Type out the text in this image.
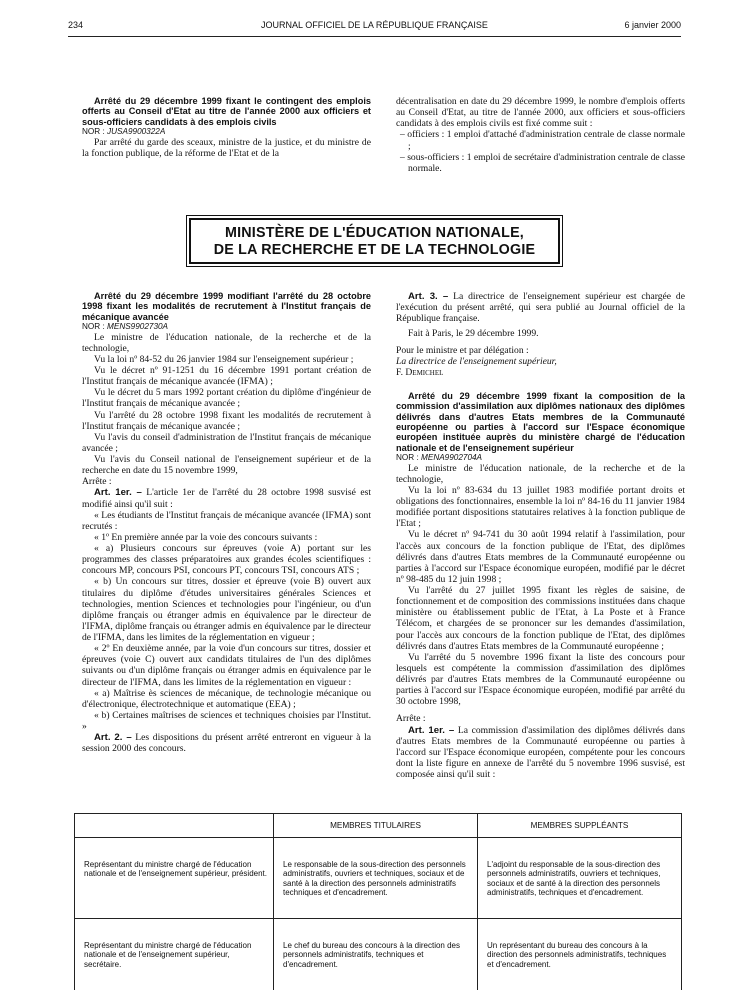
234	JOURNAL OFFICIEL DE LA RÉPUBLIQUE FRANÇAISE	6 janvier 2000

Arrêté du 29 décembre 1999 fixant le contingent des emplois offerts au Conseil d'Etat au titre de l'année 2000 aux officiers et sous-officiers candidats à des emplois civils

NOR : JUSA9900322A

Par arrêté du garde des sceaux, ministre de la justice, et du ministre de la fonction publique, de la réforme de l'Etat et de la

décentralisation en date du 29 décembre 1999, le nombre d'emplois offerts au Conseil d'Etat, au titre de l'année 2000, aux officiers et sous-officiers candidats à des emplois civils est fixé comme suit :

– officiers : 1 emploi d'attaché d'administration centrale de classe normale ;

– sous-officiers : 1 emploi de secrétaire d'administration centrale de classe normale.

MINISTÈRE DE L'ÉDUCATION NATIONALE,
DE LA RECHERCHE ET DE LA TECHNOLOGIE

Arrêté du 29 décembre 1999 modifiant l'arrêté du 28 octobre 1998 fixant les modalités de recrutement à l'Institut français de mécanique avancée

NOR : MENS9902730A

Le ministre de l'éducation nationale, de la recherche et de la technologie,

Vu la loi nº 84-52 du 26 janvier 1984 sur l'enseignement supérieur ;

Vu le décret nº 91-1251 du 16 décembre 1991 portant création de l'Institut français de mécanique avancée (IFMA) ;

Vu le décret du 5 mars 1992 portant création du diplôme d'ingénieur de l'Institut français de mécanique avancée ;

Vu l'arrêté du 28 octobre 1998 fixant les modalités de recrutement à l'Institut français de mécanique avancée ;

Vu l'avis du conseil d'administration de l'Institut français de mécanique avancée ;

Vu l'avis du Conseil national de l'enseignement supérieur et de la recherche en date du 15 novembre 1999,

Arrête :

Art. 1er. – L'article 1er de l'arrêté du 28 octobre 1998 susvisé est modifié ainsi qu'il suit :

« Les étudiants de l'Institut français de mécanique avancée (IFMA) sont recrutés :

« 1º En première année par la voie des concours suivants :

« a) Plusieurs concours sur épreuves (voie A) portant sur les programmes des classes préparatoires aux grandes écoles scientifiques : concours MP, concours PSI, concours PT, concours TSI, concours ATS ;

« b) Un concours sur titres, dossier et épreuve (voie B) ouvert aux titulaires du diplôme d'études universitaires générales Sciences et technologies, mention Sciences et technologies pour l'ingénieur, ou d'un diplôme français ou étranger admis en équivalence par le directeur de l'IFMA, diplôme français ou étranger admis en équivalence par le directeur de l'IFMA, dans les limites de la réglementation en vigueur ;

« 2º En deuxième année, par la voie d'un concours sur titres, dossier et épreuves (voie C) ouvert aux candidats titulaires de l'un des diplômes suivants ou d'un diplôme français ou étranger admis en équivalence par le directeur de l'IFMA, dans les limites de la réglementation en vigueur :

« a) Maîtrise ès sciences de mécanique, de technologie mécanique ou d'électronique, électrotechnique et automatique (EEA) ;

« b) Certaines maîtrises de sciences et techniques choisies par l'Institut. »

Art. 2. – Les dispositions du présent arrêté entreront en vigueur à la session 2000 des concours.

Art. 3. – La directrice de l'enseignement supérieur est chargée de l'exécution du présent arrêté, qui sera publié au Journal officiel de la République française.

Fait à Paris, le 29 décembre 1999.

Pour le ministre et par délégation :

La directrice de l'enseignement supérieur,

F. Demichel

Arrêté du 29 décembre 1999 fixant la composition de la commission d'assimilation aux diplômes nationaux des diplômes délivrés dans d'autres Etats membres de la Communauté européenne ou parties à l'accord sur l'Espace économique européen instituée auprès du ministère chargé de l'éducation nationale et de l'enseignement supérieur

NOR : MENA9902704A

Le ministre de l'éducation nationale, de la recherche et de la technologie,

Vu la loi nº 83-634 du 13 juillet 1983 modifiée portant droits et obligations des fonctionnaires, ensemble la loi nº 84-16 du 11 janvier 1984 modifiée portant dispositions statutaires relatives à la fonction publique de l'Etat ;

Vu le décret nº 94-741 du 30 août 1994 relatif à l'assimilation, pour l'accès aux concours de la fonction publique de l'Etat, des diplômes délivrés dans d'autres Etats membres de la Communauté européenne ou parties à l'accord sur l'Espace économique européen, modifié par le décret nº 98-485 du 12 juin 1998 ;

Vu l'arrêté du 27 juillet 1995 fixant les règles de saisine, de fonctionnement et de composition des commissions instituées dans chaque ministère ou établissement public de l'Etat, à La Poste et à France Télécom, et chargées de se prononcer sur les demandes d'assimilation, pour l'accès aux concours de la fonction publique de l'Etat, des diplômes délivrés dans d'autres Etats membres de la Communauté européenne ;

Vu l'arrêté du 5 novembre 1996 fixant la liste des concours pour lesquels est compétente la commission d'assimilation des diplômes délivrés par d'autres Etats membres de la Communauté européenne ou parties à l'accord sur l'Espace économique européen, modifié par arrêté du 30 octobre 1998,

Arrête :

Art. 1er. – La commission d'assimilation des diplômes délivrés dans d'autres Etats membres de la Communauté européenne ou parties à l'accord sur l'Espace économique européen, compétente pour les concours dont la liste figure en annexe de l'arrêté du 5 novembre 1996 susvisé, est composée ainsi qu'il suit :

	MEMBRES TITULAIRES	MEMBRES SUPPLÉANTS
Représentant du ministre chargé de l'éducation nationale et de l'enseignement supérieur, président.	Le responsable de la sous-direction des personnels administratifs, ouvriers et techniques, sociaux et de santé à la direction des personnels administratifs techniques et d'encadrement.	L'adjoint du responsable de la sous-direction des personnels administratifs, ouvriers et techniques, sociaux et de santé à la direction des personnels administratifs, techniques et d'encadrement.
Représentant du ministre chargé de l'éducation nationale et de l'enseignement supérieur, secrétaire.	Le chef du bureau des concours à la direction des personnels administratifs, techniques et d'encadrement.	Un représentant du bureau des concours à la direction des personnels administratifs, techniques et d'encadrement.
